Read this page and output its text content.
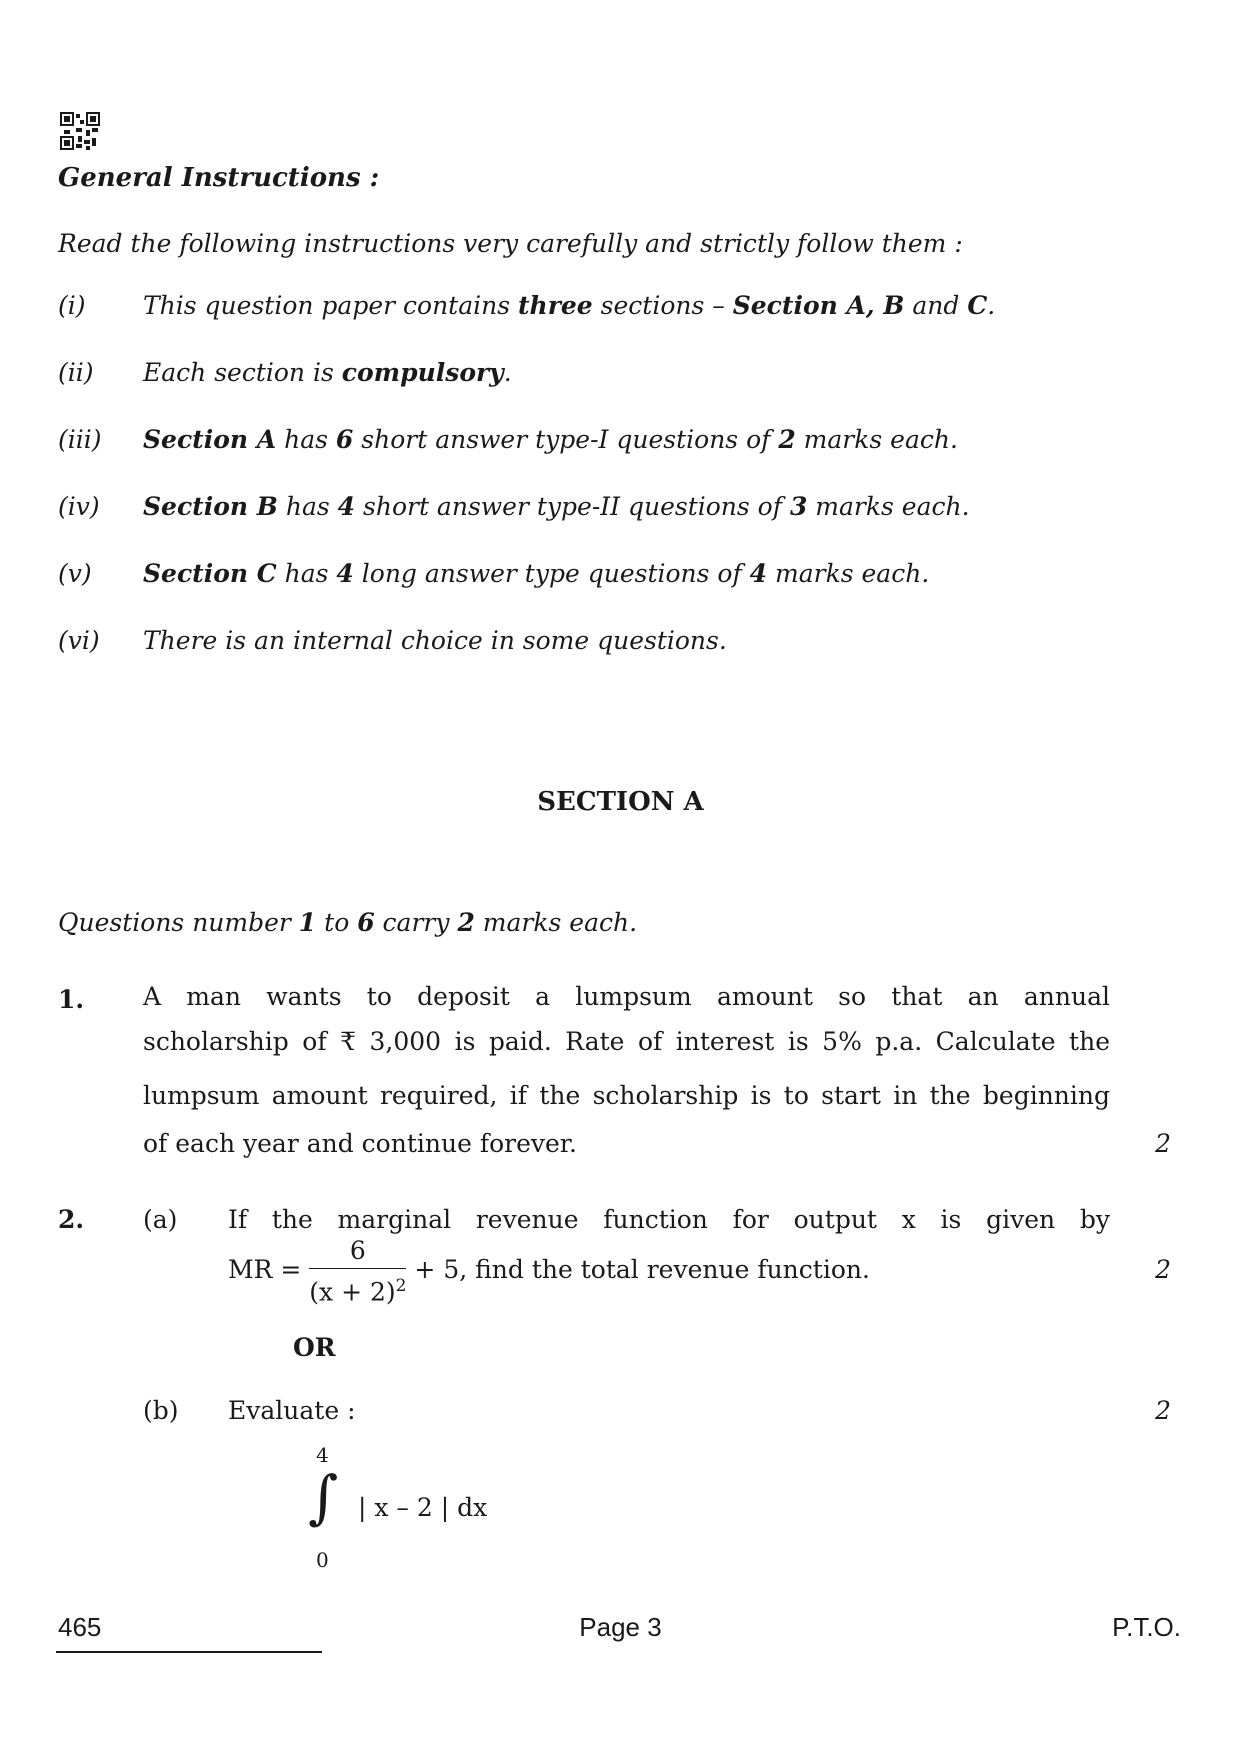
General Instructions :
Read the following instructions very carefully and strictly follow them :
(i) This question paper contains three sections – Section A, B and C.
(ii) Each section is compulsory.
(iii) Section A has 6 short answer type-I questions of 2 marks each.
(iv) Section B has 4 short answer type-II questions of 3 marks each.
(v) Section C has 4 long answer type questions of 4 marks each.
(vi) There is an internal choice in some questions.
SECTION A
Questions number 1 to 6 carry 2 marks each.
1. A man wants to deposit a lumpsum amount so that an annual
scholarship of ₹ 3,000 is paid. Rate of interest is 5% p.a. Calculate the
lumpsum amount required, if the scholarship is to start in the beginning
of each year and continue forever.	2
2. (a) If the marginal revenue function for output x is given by
MR = $\frac{6}{(x + 2)^2} + 5$, find the total revenue function.	2
OR
(b) Evaluate :	2
4
∫
0
| x – 2 | dx
465	Page 3	P.T.O.
